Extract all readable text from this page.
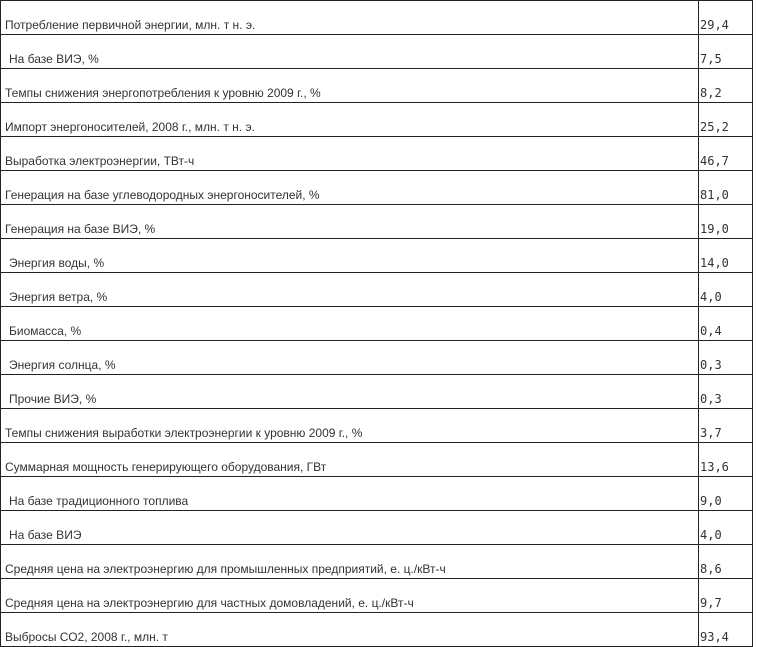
Потребление первичной энергии, млн. т н. э.	29,4
На базе ВИЭ, %	7,5
Темпы снижения энергопотребления к уровню 2009 г., %	8,2
Импорт энергоносителей, 2008 г., млн. т н. э.	25,2
Выработка электроэнергии, ТВт-ч	46,7
Генерация на базе углеводородных энергоносителей, %	81,0
Генерация на базе ВИЭ, %	19,0
Энергия воды, %	14,0
Энергия ветра, %	4,0
Биомасса, %	0,4
Энергия солнца, %	0,3
Прочие ВИЭ, %	0,3
Темпы снижения выработки электроэнергии к уровню 2009 г., %	3,7
Суммарная мощность генерирующего оборудования, ГВт	13,6
На базе традиционного топлива	9,0
На базе ВИЭ	4,0
Средняя цена на электроэнергию для промышленных предприятий, е. ц./кВт-ч	8,6
Средняя цена на электроэнергию для частных домовладений, е. ц./кВт-ч	9,7
Выбросы СО2, 2008 г., млн. т	93,4
